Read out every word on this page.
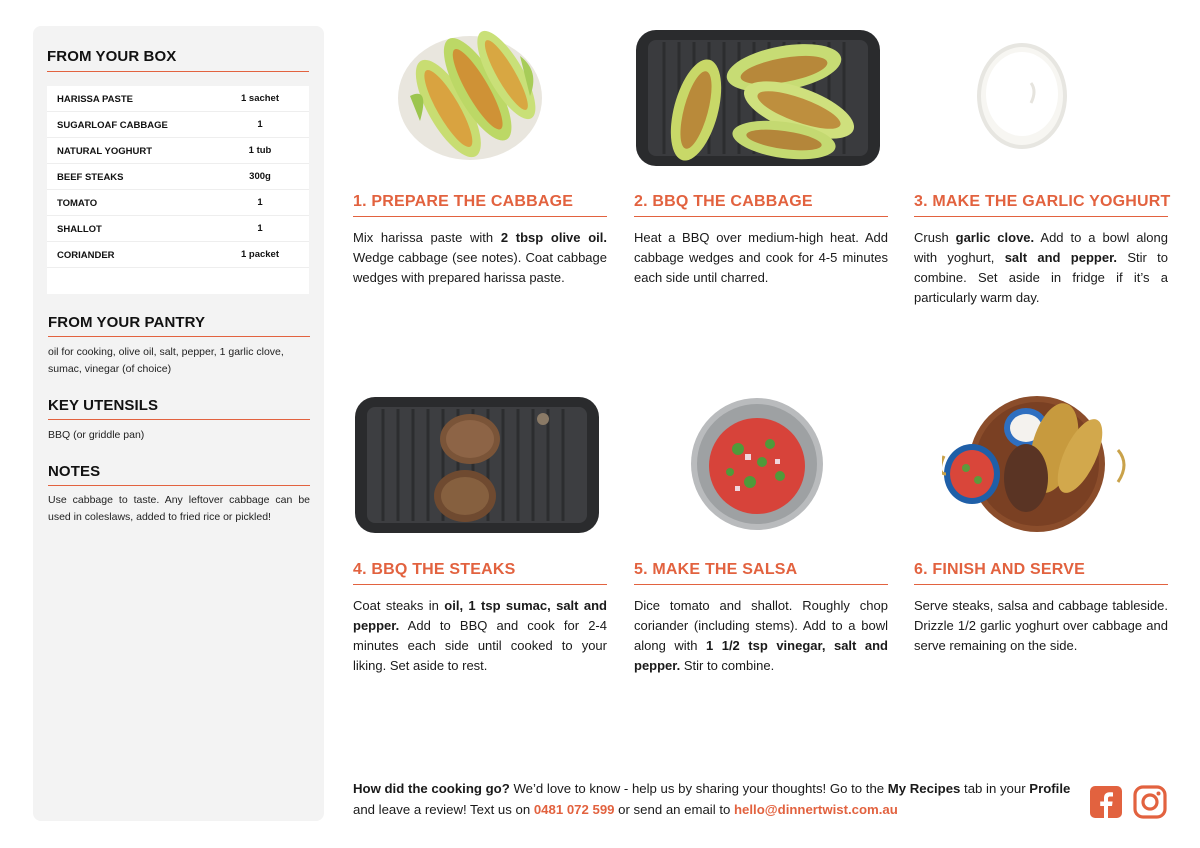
FROM YOUR BOX
HARISSA PASTE	1 sachet
SUGARLOAF CABBAGE	1
NATURAL YOGHURT	1 tub
BEEF STEAKS	300g
TOMATO	1
SHALLOT	1
CORIANDER	1 packet
FROM YOUR PANTRY
oil for cooking, olive oil, salt, pepper, 1 garlic clove, sumac, vinegar (of choice)
KEY UTENSILS
BBQ (or griddle pan)
NOTES
Use cabbage to taste. Any leftover cabbage can be used in coleslaws, added to fried rice or pickled!
1. PREPARE THE CABBAGE
Mix harissa paste with 2 tbsp olive oil. Wedge cabbage (see notes). Coat cabbage wedges with prepared harissa paste.
2. BBQ THE CABBAGE
Heat a BBQ over medium-high heat. Add cabbage wedges and cook for 4-5 minutes each side until charred.
3. MAKE THE GARLIC YOGHURT
Crush garlic clove. Add to a bowl along with yoghurt, salt and pepper. Stir to combine. Set aside in fridge if it’s a particularly warm day.
4. BBQ THE STEAKS
Coat steaks in oil, 1 tsp sumac, salt and pepper. Add to BBQ and cook for 2-4 minutes each side until cooked to your liking. Set aside to rest.
5. MAKE THE SALSA
Dice tomato and shallot. Roughly chop coriander (including stems). Add to a bowl along with 1 1/2 tsp vinegar, salt and pepper. Stir to combine.
6. FINISH AND SERVE
Serve steaks, salsa and cabbage tableside. Drizzle 1/2 garlic yoghurt over cabbage and serve remaining on the side.
How did the cooking go? We’d love to know - help us by sharing your thoughts! Go to the My Recipes tab in your Profile and leave a review! Text us on 0481 072 599 or send an email to hello@dinnertwist.com.au
